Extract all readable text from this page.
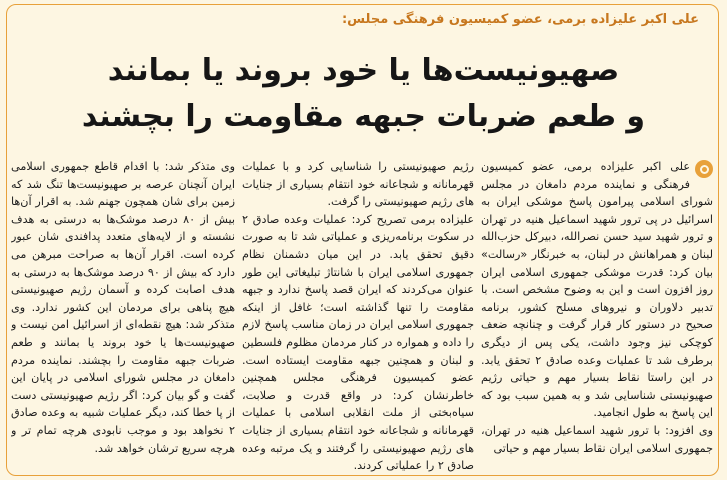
علی اکبر علیزاده برمی، عضو کمیسیون فرهنگی مجلس:
صهیونیست‌ها یا خود بروند یا بمانند
و طعم ضربات جبهه مقاومت را بچشند

علی اکبر علیزاده برمی، عضو کمیسیون فرهنگی و نماینده مردم دامغان در مجلس شورای اسلامی پیرامون پاسخ موشکی ایران به اسرائیل در پی ترور شهید اسماعیل هنیه در تهران و ترور شهید سید حسن نصرالله، دبیرکل حزب‌الله لبنان و همراهانش در لبنان، به خبرنگار «رسالت» بیان کرد: قدرت موشکی جمهوری اسلامی ایران روز افزون است و این به وضوح مشخص است. با تدبیر دلاوران و نیروهای مسلح کشور، برنامه صحیح در دستور کار قرار گرفت و چنانچه ضعف کوچکی نیز وجود داشت، یکی پس از دیگری برطرف شد تا عملیات وعده صادق ۲ تحقق یابد. در این راستا نقاط بسیار مهم و حیاتی رژیم صهیونیستی شناسایی شد و به همین سبب بود که این پاسخ به طول انجامید.

وی افزود: با ترور شهید اسماعیل هنیه در تهران، جمهوری اسلامی ایران نقاط بسیار مهم و حیاتی

رژیم صهیونیستی را شناسایی کرد و با عملیات قهرمانانه و شجاعانه خود انتقام بسیاری از جنایات های رژیم صهیونیستی را گرفت.

علیزاده برمی تصریح کرد: عملیات وعده صادق ۲ در سکوت برنامه‌ریزی و عملیاتی شد تا به صورت دقیق تحقق یابد. در این میان دشمنان نظام جمهوری اسلامی ایران با شانتاژ تبلیغاتی این طور عنوان می‌کردند که ایران قصد پاسخ ندارد و جبهه مقاومت را تنها گذاشته است؛ غافل از اینکه جمهوری اسلامی ایران در زمان مناسب پاسخ لازم را داده و همواره در کنار مردمان مظلوم فلسطین و لبنان و همچنین جبهه مقاومت ایستاده است. عضو کمیسیون فرهنگی مجلس همچنین خاطرنشان کرد: در واقع قدرت و صلابت، سیاه‌بختی از ملت انقلابی اسلامی با عملیات قهرمانانه و شجاعانه خود انتقام بسیاری از جنایات های رژیم صهیونیستی را گرفتند و یک مرتبه وعده صادق ۲ را عملیاتی کردند.

وی متذکر شد: با اقدام قاطع جمهوری اسلامی ایران آنچنان عرصه بر صهیونیست‌ها تنگ شد که زمین برای شان همچون جهنم شد. به اقرار آن‌ها بیش از ۸۰ درصد موشک‌ها به درستی به هدف نشسته و از لایه‌های متعدد پدافندی شان عبور کرده است. اقرار آن‌ها به صراحت مبرهن می دارد که بیش از ۹۰ درصد موشک‌ها به درستی به هدف اصابت کرده و آسمان رژیم صهیونیستی هیچ پناهی برای مردمان این کشور ندارد. وی متذکر شد: هیچ نقطه‌ای از اسرائیل امن نیست و صهیونیست‌ها یا خود بروند یا بمانند و طعم ضربات جبهه مقاومت را بچشند. نماینده مردم دامغان در مجلس شورای اسلامی در پایان این گفت و گو بیان کرد: اگر رژیم صهیونیستی دست از پا خطا کند، دیگر عملیات شبیه به وعده صادق ۲ نخواهد بود و موجب نابودی هرچه تمام تر و هرچه سریع ترشان خواهد شد.
